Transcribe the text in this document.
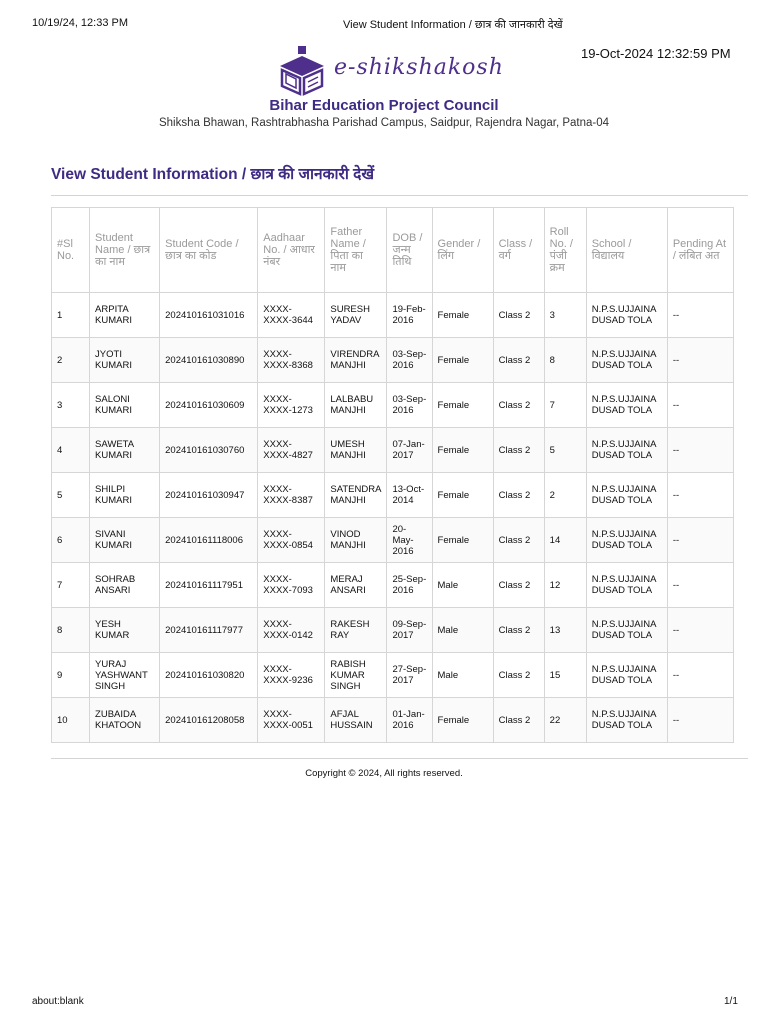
10/19/24, 12:33 PM	View Student Information / छात्र की जानकारी देखें
19-Oct-2024 12:32:59 PM
e-shikshakosh
Bihar Education Project Council
Shiksha Bhawan, Rashtrabhasha Parishad Campus, Saidpur, Rajendra Nagar, Patna-04
View Student Information / छात्र की जानकारी देखें
#Sl No.	Student Name / छात्र का नाम	Student Code / छात्र का कोड	Aadhaar No. / आधार नंबर	Father Name / पिता का नाम	DOB / जन्म तिथि	Gender / लिंग	Class / वर्ग	Roll No. / पंजी क्रम	School / विद्यालय	Pending At / लंबित अत
1	ARPITA KUMARI	202410161031016	XXXX-XXXX-3644	SURESH YADAV	19-Feb-2016	Female	Class 2	3	N.P.S.UJJAINA DUSAD TOLA	--
2	JYOTI KUMARI	202410161030890	XXXX-XXXX-8368	VIRENDRA MANJHI	03-Sep-2016	Female	Class 2	8	N.P.S.UJJAINA DUSAD TOLA	--
3	SALONI KUMARI	202410161030609	XXXX-XXXX-1273	LALBABU MANJHI	03-Sep-2016	Female	Class 2	7	N.P.S.UJJAINA DUSAD TOLA	--
4	SAWETA KUMARI	202410161030760	XXXX-XXXX-4827	UMESH MANJHI	07-Jan-2017	Female	Class 2	5	N.P.S.UJJAINA DUSAD TOLA	--
5	SHILPI KUMARI	202410161030947	XXXX-XXXX-8387	SATENDRA MANJHI	13-Oct-2014	Female	Class 2	2	N.P.S.UJJAINA DUSAD TOLA	--
6	SIVANI KUMARI	202410161118006	XXXX-XXXX-0854	VINOD MANJHI	20-May-2016	Female	Class 2	14	N.P.S.UJJAINA DUSAD TOLA	--
7	SOHRAB ANSARI	202410161117951	XXXX-XXXX-7093	MERAJ ANSARI	25-Sep-2016	Male	Class 2	12	N.P.S.UJJAINA DUSAD TOLA	--
8	YESH KUMAR	202410161117977	XXXX-XXXX-0142	RAKESH RAY	09-Sep-2017	Male	Class 2	13	N.P.S.UJJAINA DUSAD TOLA	--
9	YURAJ YASHWANT SINGH	202410161030820	XXXX-XXXX-9236	RABISH KUMAR SINGH	27-Sep-2017	Male	Class 2	15	N.P.S.UJJAINA DUSAD TOLA	--
10	ZUBAIDA KHATOON	202410161208058	XXXX-XXXX-0051	AFJAL HUSSAIN	01-Jan-2016	Female	Class 2	22	N.P.S.UJJAINA DUSAD TOLA	--
Copyright © 2024, All rights reserved.
about:blank	1/1
